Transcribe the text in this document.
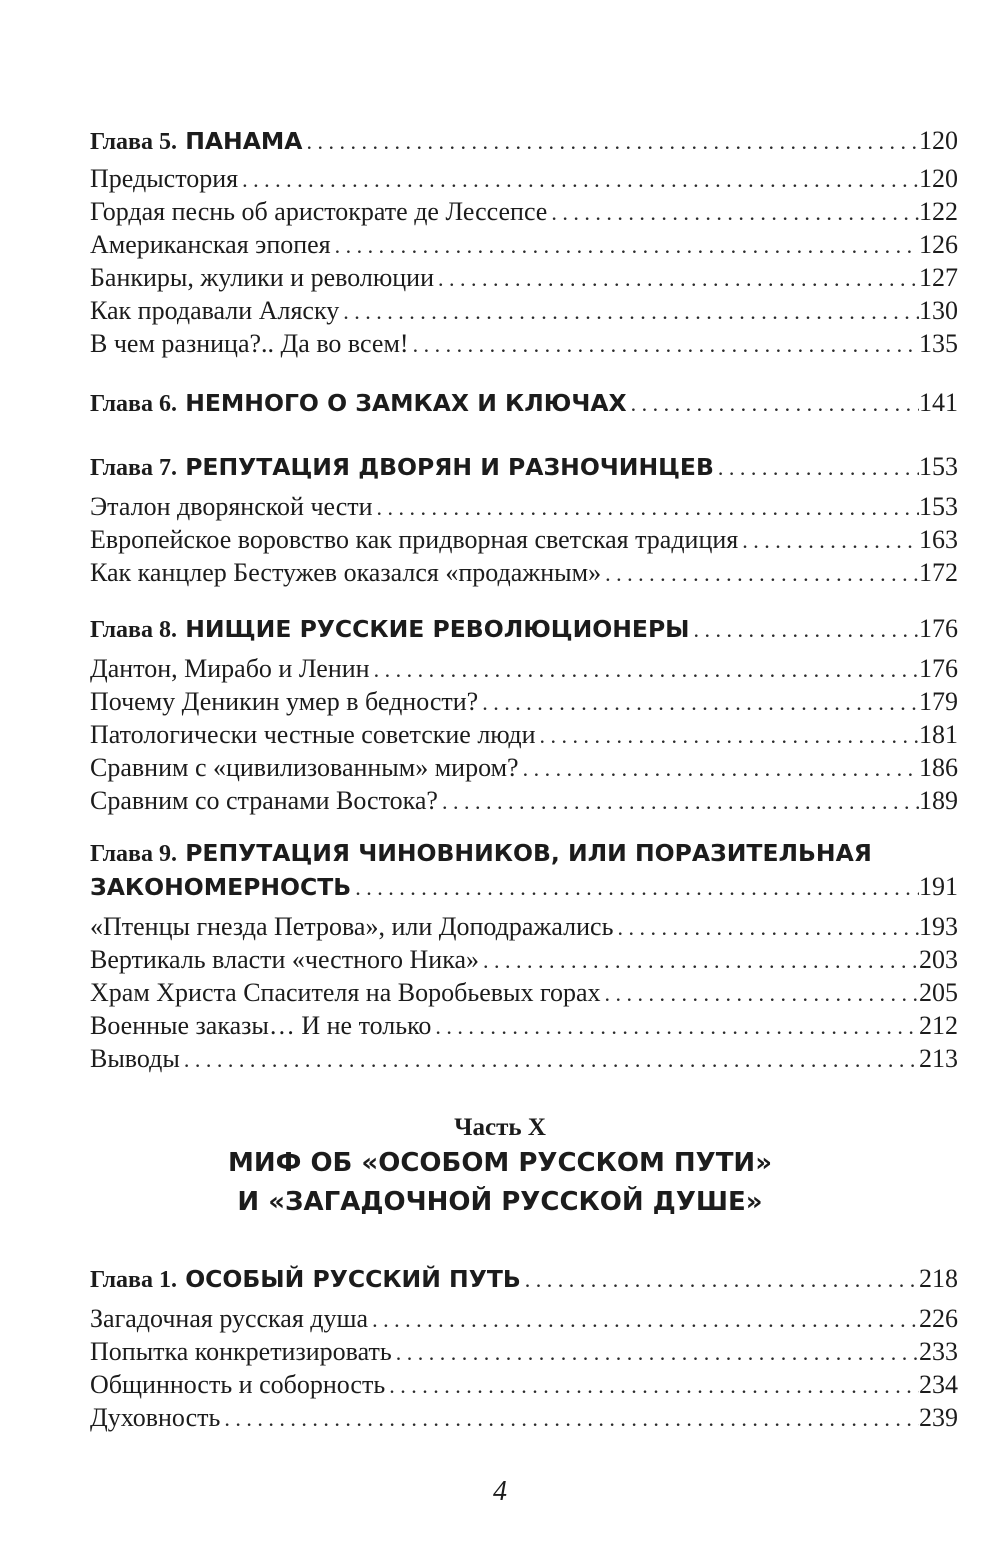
Глава 5. ПАНАМА . . .	120
Предыстория . . .	120
Гордая песнь об аристократе де Лессепсе . . .	122
Американская эпопея . . .	126
Банкиры, жулики и революции . . .	127
Как продавали Аляску . . .	130
В чем разница?.. Да во всем! . . .	135
Глава 6. НЕМНОГО О ЗАМКАХ И КЛЮЧАХ . . .	141
Глава 7. РЕПУТАЦИЯ ДВОРЯН И РАЗНОЧИНЦЕВ . . .	153
Эталон дворянской чести . . .	153
Европейское воровство как придворная светская традиция . . .	163
Как канцлер Бестужев оказался «продажным» . . .	172
Глава 8. НИЩИЕ РУССКИЕ РЕВОЛЮЦИОНЕРЫ . . .	176
Дантон, Мирабо и Ленин . . .	176
Почему Деникин умер в бедности? . . .	179
Патологически честные советские люди . . .	181
Сравним с «цивилизованным» миром? . . .	186
Сравним со странами Востока? . . .	189
Глава 9. РЕПУТАЦИЯ ЧИНОВНИКОВ, ИЛИ ПОРАЗИТЕЛЬНАЯ
ЗАКОНОМЕРНОСТЬ . . .	191
«Птенцы гнезда Петрова», или Доподражались . . .	193
Вертикаль власти «честного Ника» . . .	203
Храм Христа Спасителя на Воробьевых горах . . .	205
Военные заказы… И не только . . .	212
Выводы . . .	213
Часть X
МИФ ОБ «ОСОБОМ РУССКОМ ПУТИ»
И «ЗАГАДОЧНОЙ РУССКОЙ ДУШЕ»
Глава 1. ОСОБЫЙ РУССКИЙ ПУТЬ . . .	218
Загадочная русская душа . . .	226
Попытка конкретизировать . . .	233
Общинность и соборность . . .	234
Духовность . . .	239
4
